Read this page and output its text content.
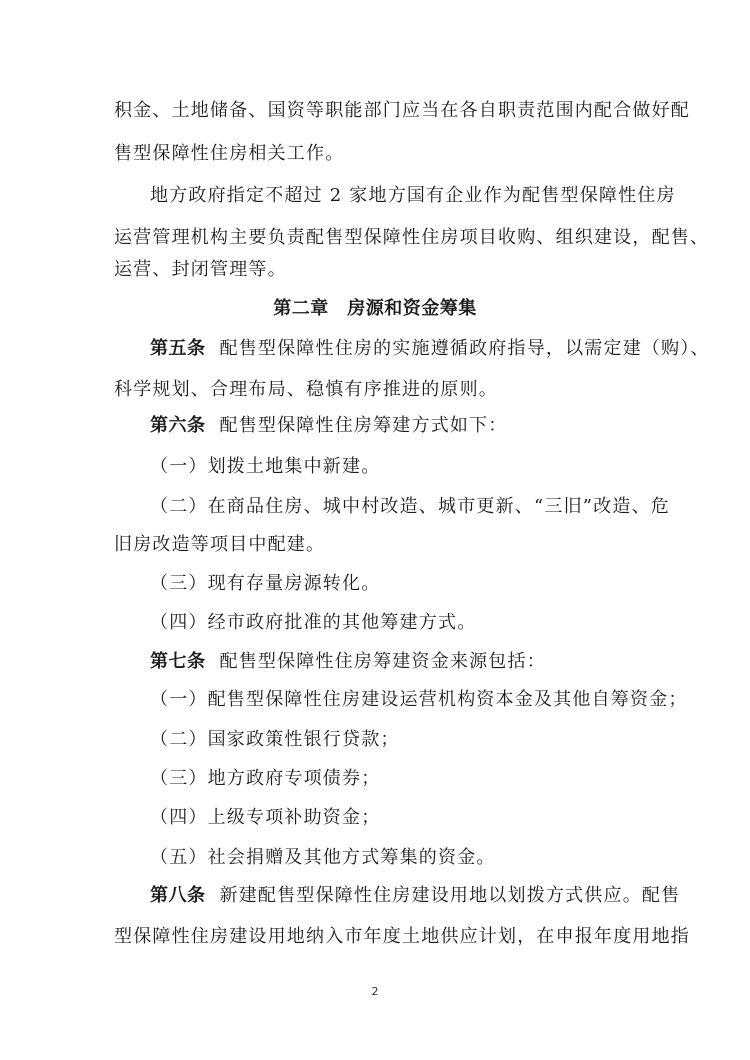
积金、土地储备、国资等职能部门应当在各自职责范围内配合做好配
售型保障性住房相关工作。
地方政府指定不超过 2 家地方国有企业作为配售型保障性住房
运营管理机构主要负责配售型保障性住房项目收购、组织建设，配售、
运营、封闭管理等。
第二章　房源和资金筹集
第五条 配售型保障性住房的实施遵循政府指导，以需定建（购）、
科学规划、合理布局、稳慎有序推进的原则。
第六条 配售型保障性住房筹建方式如下：
（一）划拨土地集中新建。
（二）在商品住房、城中村改造、城市更新、“三旧”改造、危
旧房改造等项目中配建。
（三）现有存量房源转化。
（四）经市政府批准的其他筹建方式。
第七条 配售型保障性住房筹建资金来源包括：
（一）配售型保障性住房建设运营机构资本金及其他自筹资金；
（二）国家政策性银行贷款；
（三）地方政府专项债券；
（四）上级专项补助资金；
（五）社会捐赠及其他方式筹集的资金。
第八条 新建配售型保障性住房建设用地以划拨方式供应。配售
型保障性住房建设用地纳入市年度土地供应计划，在申报年度用地指
2
